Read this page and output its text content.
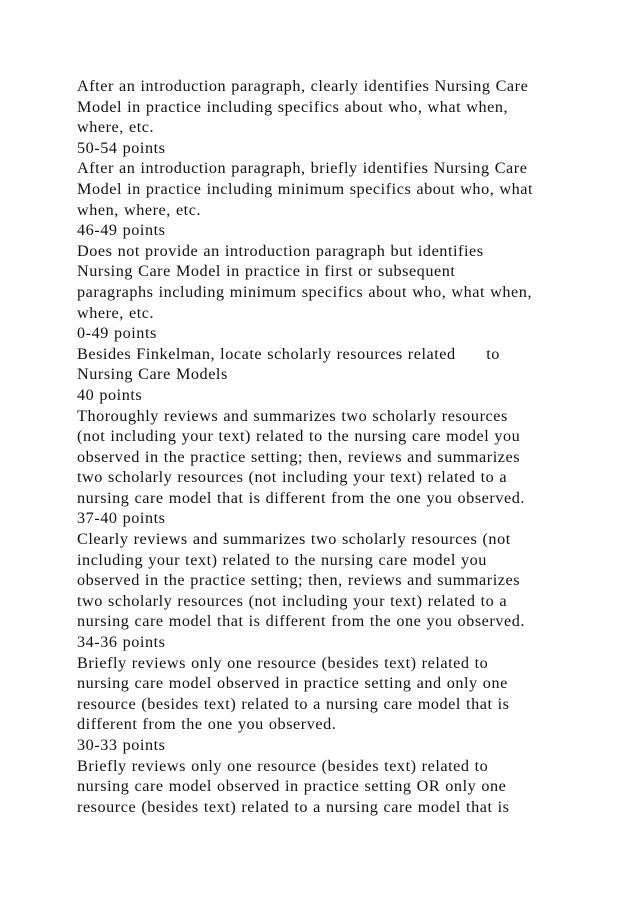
After an introduction paragraph, clearly identifies Nursing Care
Model in practice including specifics about who, what when,
where, etc.
50-54 points
After an introduction paragraph, briefly identifies Nursing Care
Model in practice including minimum specifics about who, what
when, where, etc.
46-49 points
Does not provide an introduction paragraph but identifies
Nursing Care Model in practice in first or subsequent
paragraphs including minimum specifics about who, what when,
where, etc.
0-49 points
Besides Finkelman, locate scholarly resources related      to
Nursing Care Models
40 points
Thoroughly reviews and summarizes two scholarly resources
(not including your text) related to the nursing care model you
observed in the practice setting; then, reviews and summarizes
two scholarly resources (not including your text) related to a
nursing care model that is different from the one you observed.
37-40 points
Clearly reviews and summarizes two scholarly resources (not
including your text) related to the nursing care model you
observed in the practice setting; then, reviews and summarizes
two scholarly resources (not including your text) related to a
nursing care model that is different from the one you observed.
34-36 points
Briefly reviews only one resource (besides text) related to
nursing care model observed in practice setting and only one
resource (besides text) related to a nursing care model that is
different from the one you observed.
30-33 points
Briefly reviews only one resource (besides text) related to
nursing care model observed in practice setting OR only one
resource (besides text) related to a nursing care model that is
